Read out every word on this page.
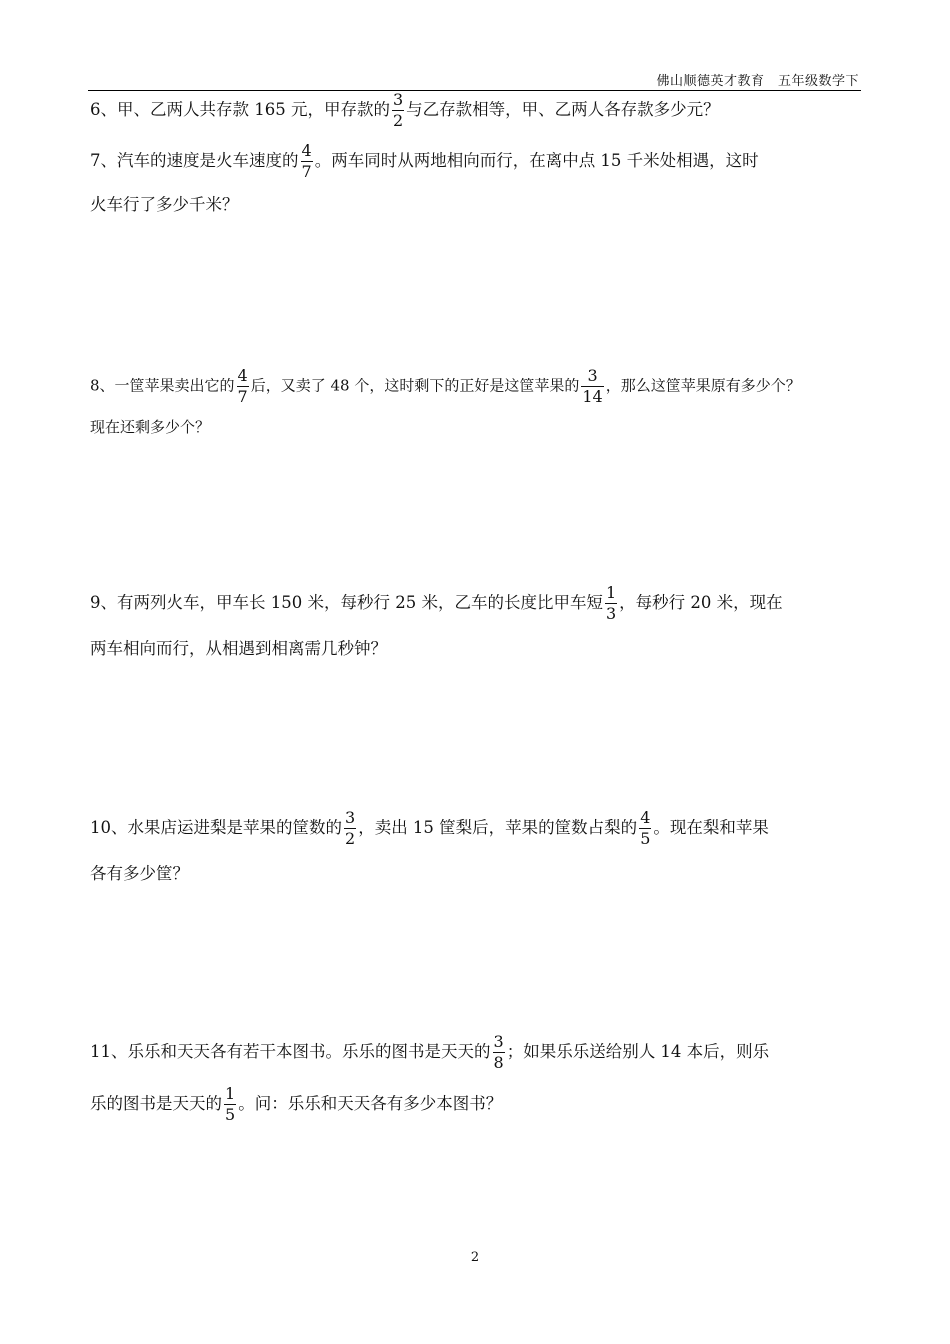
佛山顺德英才教育　五年级数学下
6、甲、乙两人共存款 165 元，甲存款的 $\frac{3}{2}$ 与乙存款相等，甲、乙两人各存款多少元？
7、汽车的速度是火车速度的 $\frac{4}{7}$ 。两车同时从两地相向而行，在离中点 15 千米处相遇，这时
火车行了多少千米？
8、一筐苹果卖出它的 $\frac{4}{7}$ 后，又卖了 48 个，这时剩下的正好是这筐苹果的 $\frac{3}{14}$ ，那么这筐苹果原有多少个？
现在还剩多少个？
9、有两列火车，甲车长 150 米，每秒行 25 米，乙车的长度比甲车短 $\frac{1}{3}$ ，每秒行 20 米，现在
两车相向而行，从相遇到相离需几秒钟？
10、水果店运进梨是苹果的筐数的 $\frac{3}{2}$ ，卖出 15 筐梨后，苹果的筐数占梨的 $\frac{4}{5}$ 。现在梨和苹果
各有多少筐？
11、乐乐和天天各有若干本图书。乐乐的图书是天天的 $\frac{3}{8}$ ；如果乐乐送给别人 14 本后，则乐
乐的图书是天天的 $\frac{1}{5}$ 。问：乐乐和天天各有多少本图书？
2
